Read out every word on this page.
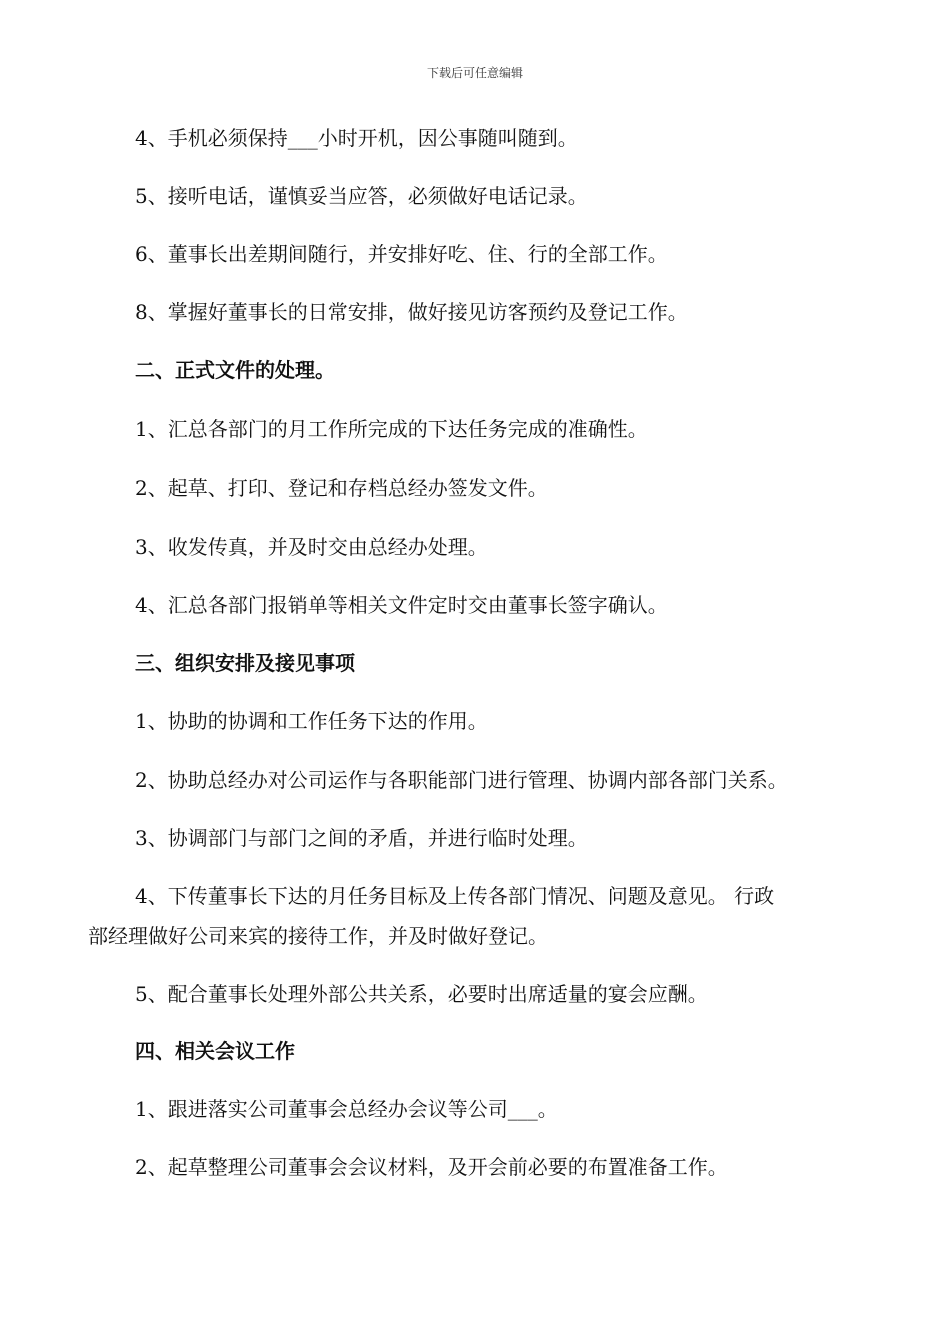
下载后可任意编辑
4、手机必须保持___小时开机，因公事随叫随到。
5、接听电话，谨慎妥当应答，必须做好电话记录。
6、董事长出差期间随行，并安排好吃、住、行的全部工作。
8、掌握好董事长的日常安排，做好接见访客预约及登记工作。
二、正式文件的处理。
1、汇总各部门的月工作所完成的下达任务完成的准确性。
2、起草、打印、登记和存档总经办签发文件。
3、收发传真，并及时交由总经办处理。
4、汇总各部门报销单等相关文件定时交由董事长签字确认。
三、组织安排及接见事项
1、协助的协调和工作任务下达的作用。
2、协助总经办对公司运作与各职能部门进行管理、协调内部各部门关系。
3、协调部门与部门之间的矛盾，并进行临时处理。
4、下传董事长下达的月任务目标及上传各部门情况、问题及意见。 行政
部经理做好公司来宾的接待工作，并及时做好登记。
5、配合董事长处理外部公共关系，必要时出席适量的宴会应酬。
四、相关会议工作
1、跟进落实公司董事会总经办会议等公司___。
2、起草整理公司董事会会议材料，及开会前必要的布置准备工作。
